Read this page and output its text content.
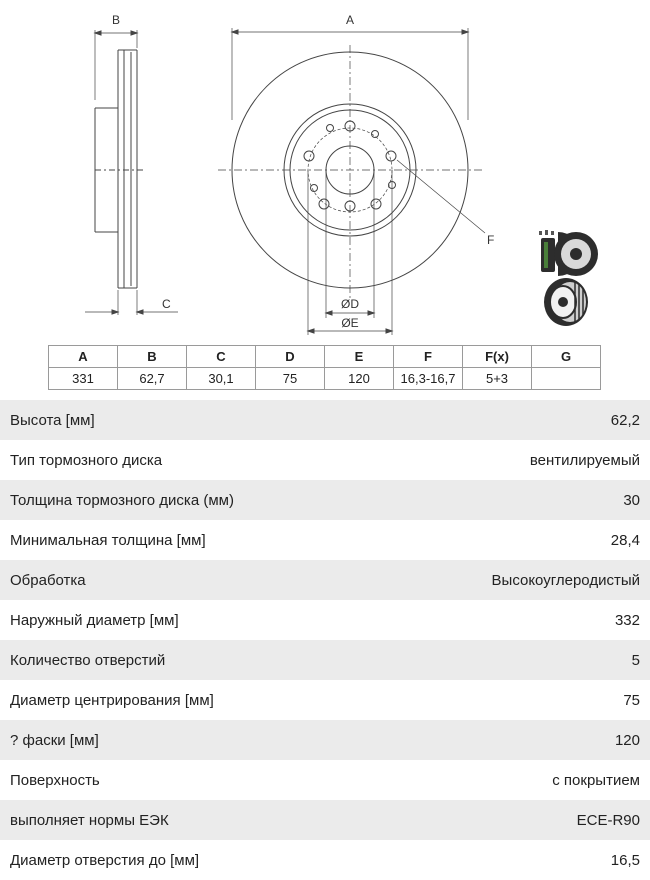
B	A
C	ØD
ØE
F
A	B	C	D	E	F	F(x)	G
331	62,7	30,1	75	120	16,3-16,7	5+3	
Высота [мм]	62,2
Тип тормозного диска	вентилируемый
Толщина тормозного диска (мм)	30
Минимальная толщина [мм]	28,4
Обработка	Высокоуглеродистый
Наружный диаметр [мм]	332
Количество отверстий	5
Диаметр центрирования [мм]	75
? фаски [мм]	120
Поверхность	с покрытием
выполняет нормы ЕЭК	ECE-R90
Диаметр отверстия до [мм]	16,5
